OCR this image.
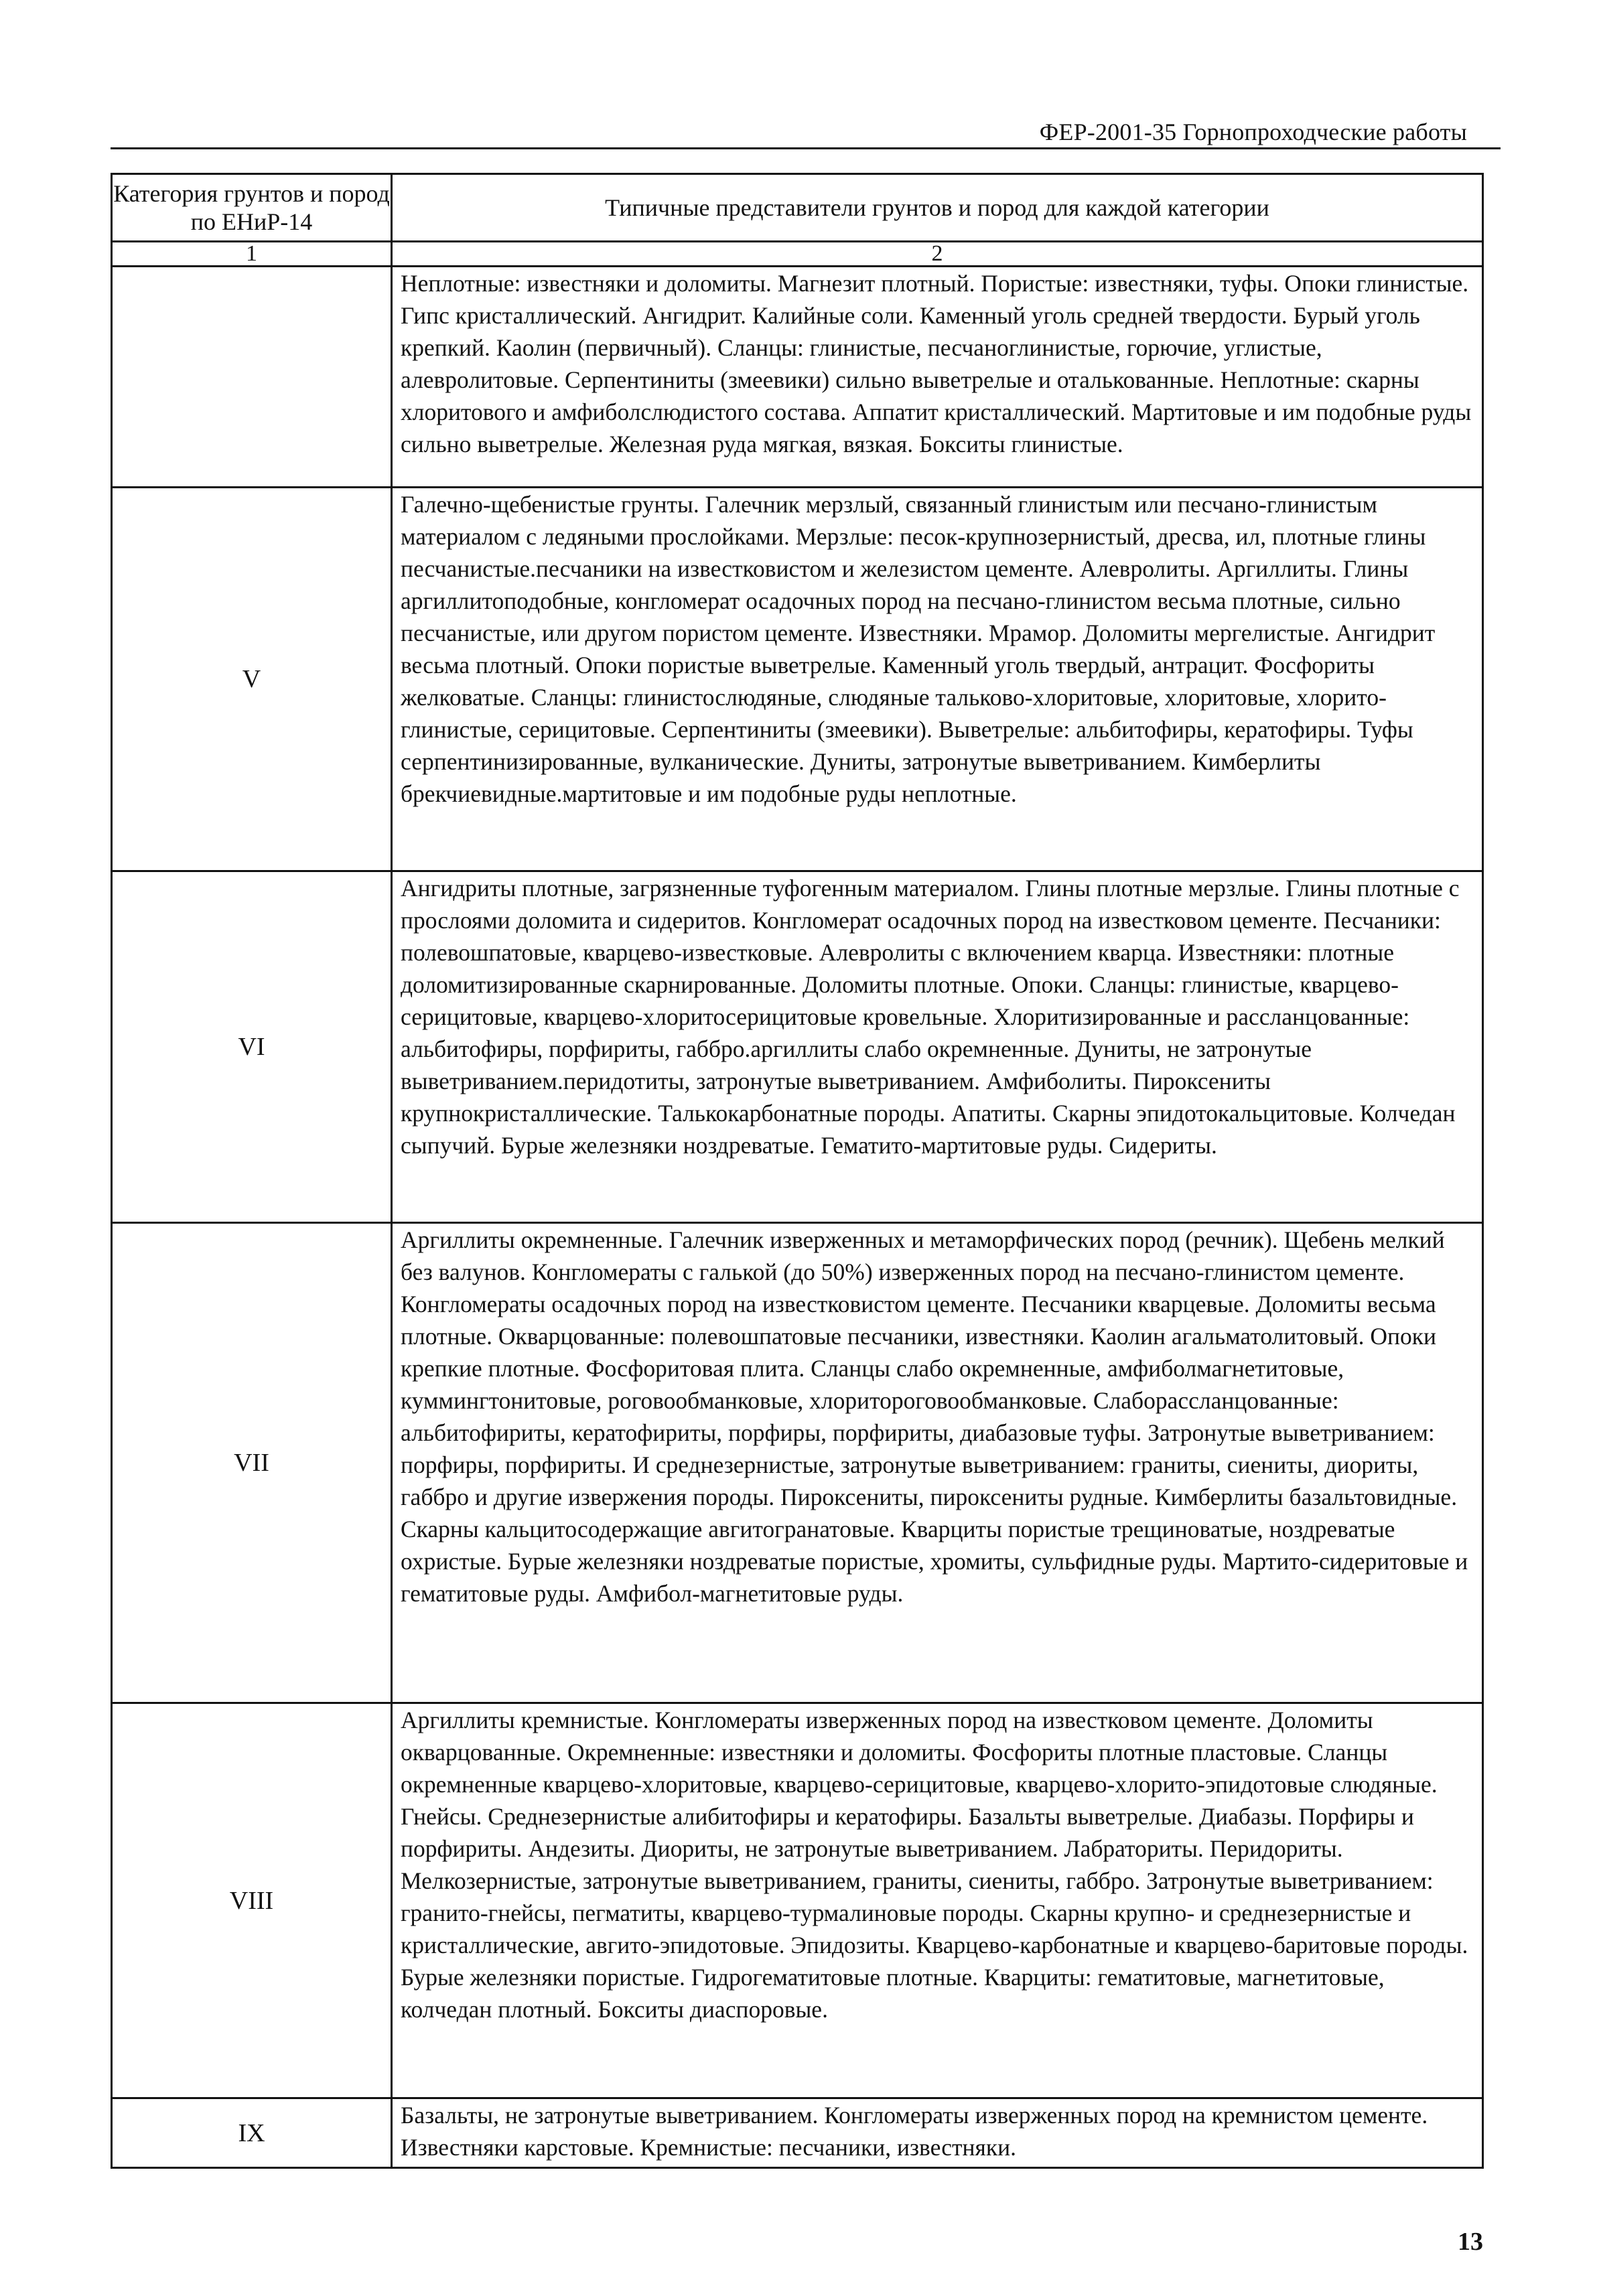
ФЕР-2001-35 Горнопроходческие работы
Категория грунтов и пород по ЕНиР-14	Типичные представители грунтов и пород для каждой категории
1	2
	Неплотные: известняки и доломиты. Магнезит плотный. Пористые: известняки, туфы. Опоки глинистые. Гипс кристаллический. Ангидрит. Калийные соли. Каменный уголь средней твердости. Бурый уголь крепкий. Каолин (первичный). Сланцы: глинистые, песчаноглинистые, горючие, углистые, алевролитовые. Серпентиниты (змеевики) сильно выветрелые и оталькованные. Неплотные: скарны хлоритового и амфиболслюдистого состава. Аппатит кристаллический. Мартитовые и им подобные руды сильно выветрелые. Железная руда мягкая, вязкая. Бокситы глинистые.
V	Галечно-щебенистые грунты. Галечник мерзлый, связанный глинистым или песчано-глинистым материалом с ледяными прослойками. Мерзлые: песок-крупнозернистый, дресва, ил, плотные глины песчанистые.песчаники на известковистом и железистом цементе. Алевролиты. Аргиллиты. Глины аргиллитоподобные, конгломерат осадочных пород на песчано-глинистом весьма плотные, сильно песчанистые, или другом пористом цементе. Известняки. Мрамор. Доломиты мергелистые. Ангидрит весьма плотный. Опоки пористые выветрелые. Каменный уголь твердый, антрацит. Фосфориты желковатые. Сланцы: глинистослюдяные, слюдяные тальково-хлоритовые, хлоритовые, хлорито-глинистые, серицитовые. Серпентиниты (змеевики). Выветрелые: альбитофиры, кератофиры. Туфы серпентинизированные, вулканические. Дуниты, затронутые выветриванием. Кимберлиты брекчиевидные.мартитовые и им подобные руды неплотные.
VI	Ангидриты плотные, загрязненные туфогенным материалом. Глины плотные мерзлые. Глины плотные с прослоями доломита и сидеритов. Конгломерат осадочных пород на известковом цементе. Песчаники: полевошпатовые, кварцево-известковые. Алевролиты с включением кварца. Известняки: плотные доломитизированные скарнированные. Доломиты плотные. Опоки. Сланцы: глинистые, кварцево-серицитовые, кварцево-хлоритосерицитовые кровельные. Хлоритизированные и рассланцованные: альбитофиры, порфириты, габбро.аргиллиты слабо окремненные. Дуниты, не затронутые выветриванием.перидотиты, затронутые выветриванием. Амфиболиты. Пироксениты крупнокристаллические. Талькокарбонатные породы. Апатиты. Скарны эпидотокальцитовые. Колчедан сыпучий. Бурые железняки ноздреватые. Гематито-мартитовые руды. Сидериты.
VII	Аргиллиты окремненные. Галечник изверженных и метаморфических пород (речник). Щебень мелкий без валунов. Конгломераты с галькой (до 50%) изверженных пород на песчано-глинистом цементе. Конгломераты осадочных пород на известковистом цементе. Песчаники кварцевые. Доломиты весьма плотные. Окварцованные: полевошпатовые песчаники, известняки. Каолин агальматолитовый. Опоки крепкие плотные. Фосфоритовая плита. Сланцы слабо окремненные, амфиболмагнетитовые, куммингтонитовые, роговообманковые, хлоритороговообманковые. Слаборассланцованные: альбитофириты, кератофириты, порфиры, порфириты, диабазовые туфы. Затронутые выветриванием: порфиры, порфириты. И среднезернистые, затронутые выветриванием: граниты, сиениты, диориты, габбро и другие извержения породы. Пироксениты, пироксениты рудные. Кимберлиты базальтовидные. Скарны кальцитосодержащие авгитогранатовые. Кварциты пористые трещиноватые, ноздреватые охристые. Бурые железняки ноздреватые пористые, хромиты, сульфидные руды. Мартито-сидеритовые и гематитовые руды. Амфибол-магнетитовые руды.
VIII	Аргиллиты кремнистые. Конгломераты изверженных пород на известковом цементе. Доломиты окварцованные. Окремненные: известняки и доломиты. Фосфориты плотные пластовые. Сланцы окремненные кварцево-хлоритовые, кварцево-серицитовые, кварцево-хлорито-эпидотовые слюдяные. Гнейсы. Среднезернистые алибитофиры и кератофиры. Базальты выветрелые. Диабазы. Порфиры и порфириты. Андезиты. Диориты, не затронутые выветриванием. Лабраториты. Перидориты. Мелкозернистые, затронутые выветриванием, граниты, сиениты, габбро. Затронутые выветриванием: гранито-гнейсы, пегматиты, кварцево-турмалиновые породы. Скарны крупно- и среднезернистые и кристаллические, авгито-эпидотовые. Эпидозиты. Кварцево-карбонатные и кварцево-баритовые породы. Бурые железняки пористые. Гидрогематитовые плотные. Кварциты: гематитовые, магнетитовые, колчедан плотный. Бокситы диаспоровые.
IX	Базальты, не затронутые выветриванием. Конгломераты изверженных пород на кремнистом цементе. Известняки карстовые. Кремнистые: песчаники, известняки.
13
